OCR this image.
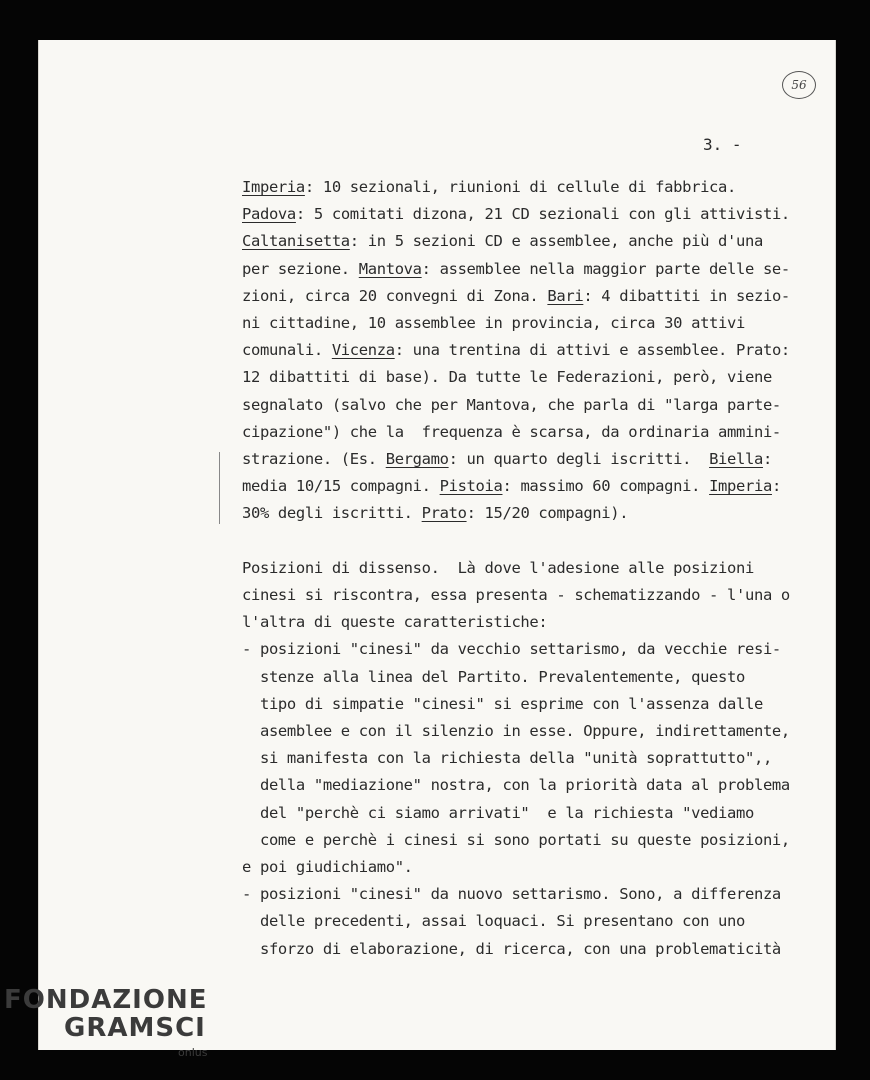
56
3. -
Imperia: 10 sezionali, riunioni di cellule di fabbrica.
Padova: 5 comitati dizona, 21 CD sezionali con gli attivisti.
Caltanisetta: in 5 sezioni CD e assemblee, anche più d'una
per sezione. Mantova: assemblee nella maggior parte delle se-
zioni, circa 20 convegni di Zona. Bari: 4 dibattiti in sezio-
ni cittadine, 10 assemblee in provincia, circa 30 attivi
comunali. Vicenza: una trentina di attivi e assemblee. Prato:
12 dibattiti di base). Da tutte le Federazioni, però, viene
segnalato (salvo che per Mantova, che parla di "larga parte-
cipazione") che la  frequenza è scarsa, da ordinaria ammini-
strazione. (Es. Bergamo: un quarto degli iscritti.  Biella:
media 10/15 compagni. Pistoia: massimo 60 compagni. Imperia:
30% degli iscritti. Prato: 15/20 compagni).
Posizioni di dissenso.  Là dove l'adesione alle posizioni
cinesi si riscontra, essa presenta - schematizzando - l'una o
l'altra di queste caratteristiche:
- posizioni "cinesi" da vecchio settarismo, da vecchie resi-
stenze alla linea del Partito. Prevalentemente, questo
tipo di simpatie "cinesi" si esprime con l'assenza dalle
asemblee e con il silenzio in esse. Oppure, indirettamente,
si manifesta con la richiesta della "unità soprattutto",,
della "mediazione" nostra, con la priorità data al problema
del "perchè ci siamo arrivati"  e la richiesta "vediamo
come e perchè i cinesi si sono portati su queste posizioni,
e poi giudichiamo".
- posizioni "cinesi" da nuovo settarismo. Sono, a differenza
delle precedenti, assai loquaci. Si presentano con uno
sforzo di elaborazione, di ricerca, con una problematicità
FONDAZIONE
GRAMSCI
onlus
